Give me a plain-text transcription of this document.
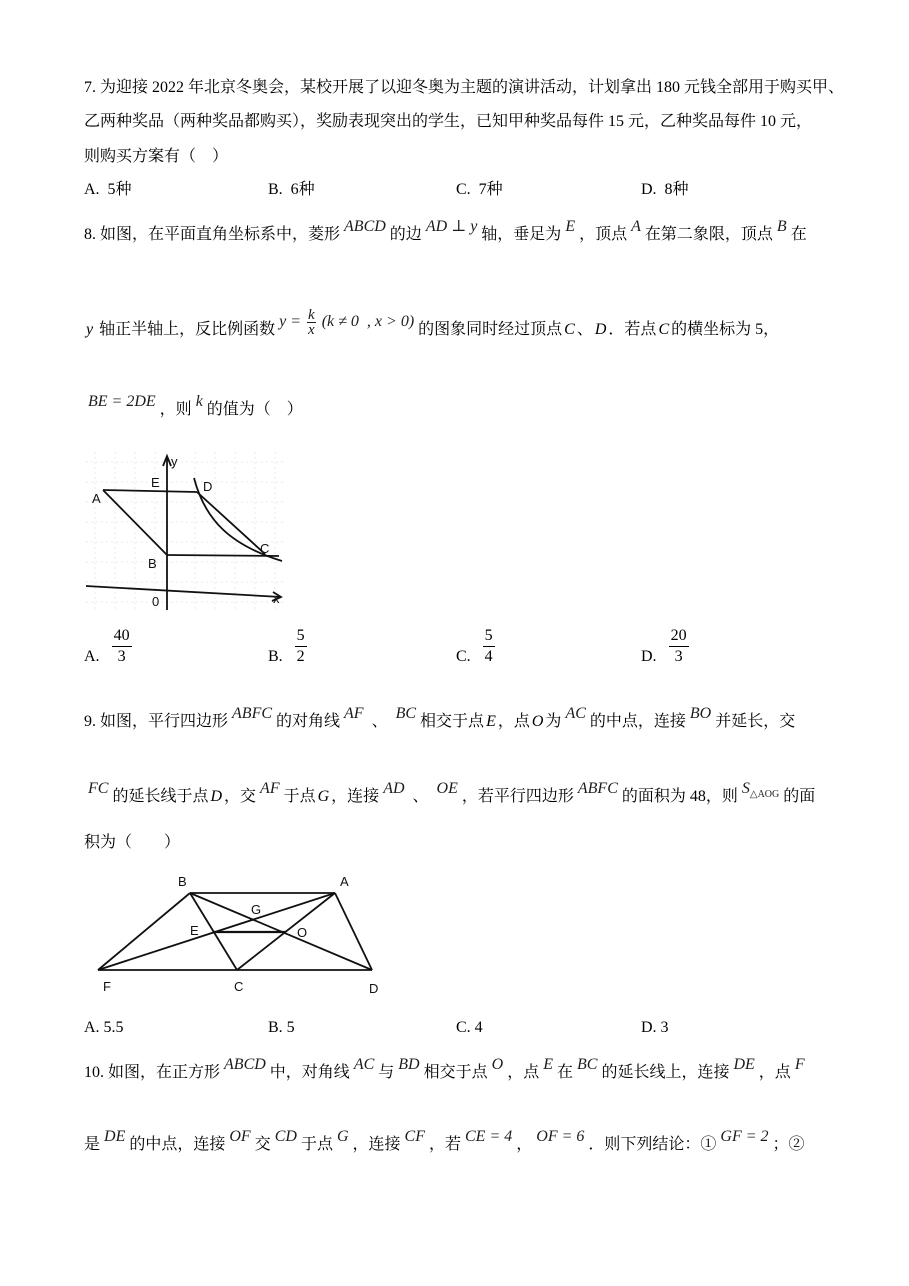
7. 为迎接 2022 年北京冬奥会，某校开展了以迎冬奥为主题的演讲活动，计划拿出 180 元钱全部用于购买甲、
乙两种奖品（两种奖品都购买），奖励表现突出的学生，已知甲种奖品每件 15 元，乙种奖品每件 10 元，
则购买方案有（    ）
A.  5种	B.  6种	C.  7种	D.  8种
8. 如图，在平面直角坐标系中，菱形 ABCD 的边 AD ⊥ y 轴，垂足为 E ，顶点 A 在第二象限，顶点 B 在
y 轴正半轴上，反比例函数 $y = \frac{k}{x} (k \ne 0$ , x > 0) 的图象同时经过顶点 C 、 D ．若点 C 的横坐标为 5，
BE = 2DE ，则 k 的值为（    ）
y
E	D
A
B
C
0	x
A. $\frac{40}{3}$	B. $\frac{5}{2}$	C. $\frac{5}{4}$	D. $\frac{20}{3}$
9. 如图，平行四边形 ABFC 的对角线 AF 、 BC 相交于点 E ，点 O 为 AC 的中点，连接 BO 并延长，交
FC 的延长线于点 D ，交 AF 于点 G ，连接 AD 、 OE ，若平行四边形 ABFC 的面积为 48，则 $S_{\triangle AOG}$ 的面
积为（        ）
B	A
G
E	O
F	C	D
A. 5.5	B. 5	C. 4	D. 3
10. 如图，在正方形 ABCD 中，对角线 AC 与 BD 相交于点 O ，点 E 在 BC 的延长线上，连接 DE ，点 F
是 DE 的中点，连接 OF 交 CD 于点 G ，连接 CF ，若 CE = 4 ， OF = 6 ．则下列结论：① GF = 2 ；②
